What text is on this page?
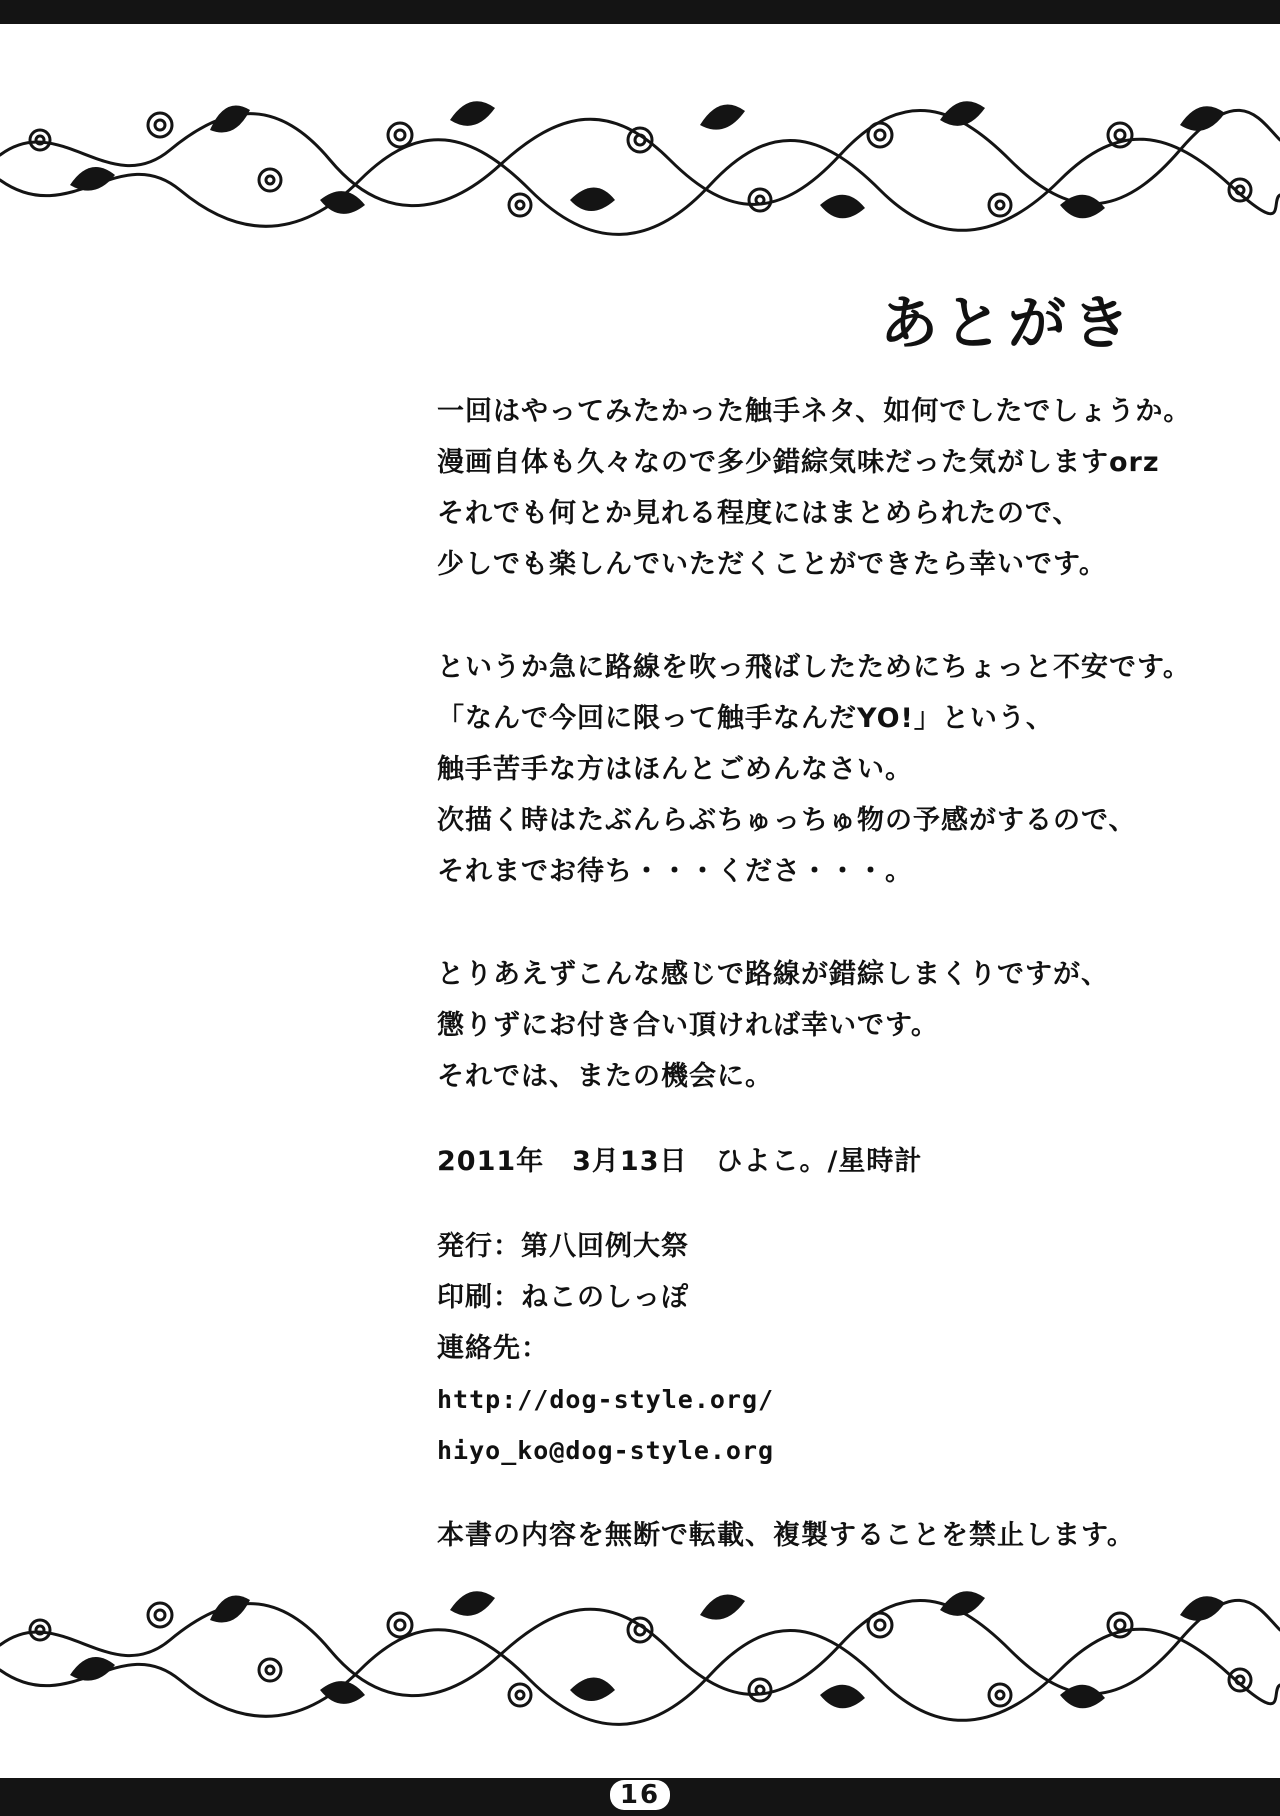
あとがき
一回はやってみたかった触手ネタ、如何でしたでしょうか。
漫画自体も久々なので多少錯綜気味だった気がしますorz
それでも何とか見れる程度にはまとめられたので、
少しでも楽しんでいただくことができたら幸いです。
というか急に路線を吹っ飛ばしたためにちょっと不安です。
「なんで今回に限って触手なんだYO!」という、
触手苦手な方はほんとごめんなさい。
次描く時はたぶんらぶちゅっちゅ物の予感がするので、
それまでお待ち・・・くださ・・・。
とりあえずこんな感じで路線が錯綜しまくりですが、
懲りずにお付き合い頂ければ幸いです。
それでは、またの機会に。
2011年　3月13日　ひよこ。/星時計
発行：第八回例大祭
印刷：ねこのしっぽ
連絡先：
http://dog-style.org/
hiyo_ko@dog-style.org
本書の内容を無断で転載、複製することを禁止します。
16
